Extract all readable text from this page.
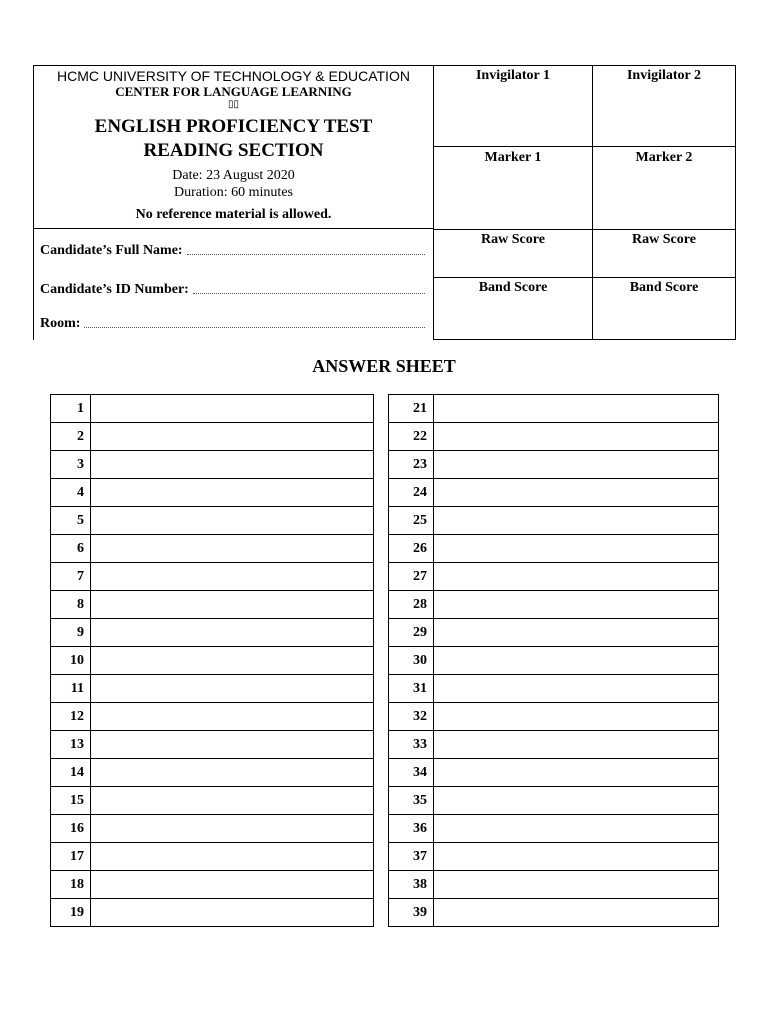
HCMC UNIVERSITY OF TECHNOLOGY & EDUCATION
CENTER FOR LANGUAGE LEARNING
▯▯
ENGLISH PROFICIENCY TEST
READING SECTION
Date: 23 August 2020
Duration: 60 minutes
No reference material is allowed.
Candidate’s Full Name:
Candidate’s ID Number:
Room:
Invigilator 1	Invigilator 2
Marker 1	Marker 2
Raw Score	Raw Score
Band Score	Band Score
ANSWER SHEET
1	
2	
3	
4	
5	
6	
7	
8	
9	
10	
11	
12	
13	
14	
15	
16	
17	
18	
19	
21	
22	
23	
24	
25	
26	
27	
28	
29	
30	
31	
32	
33	
34	
35	
36	
37	
38	
39	
